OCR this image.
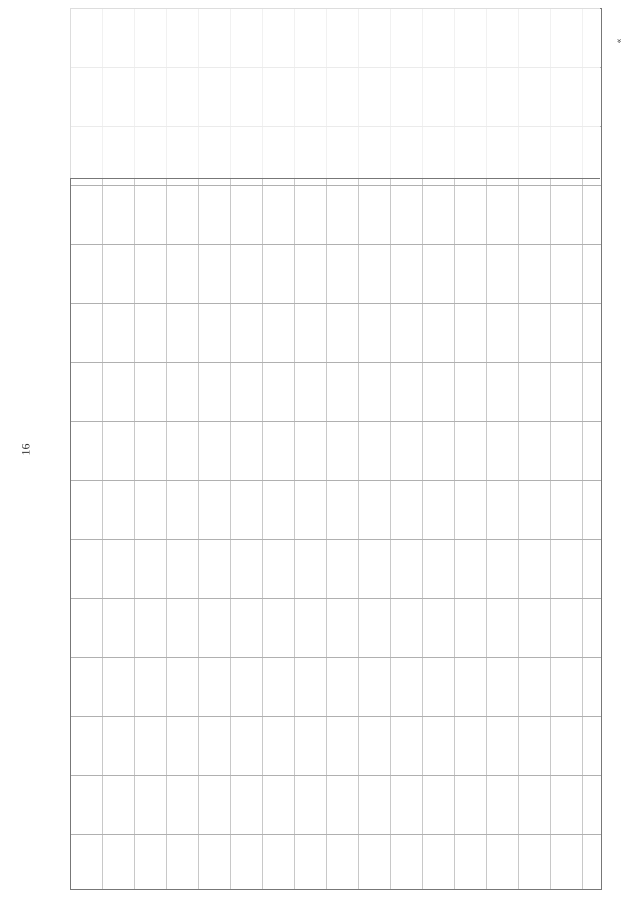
16
«
